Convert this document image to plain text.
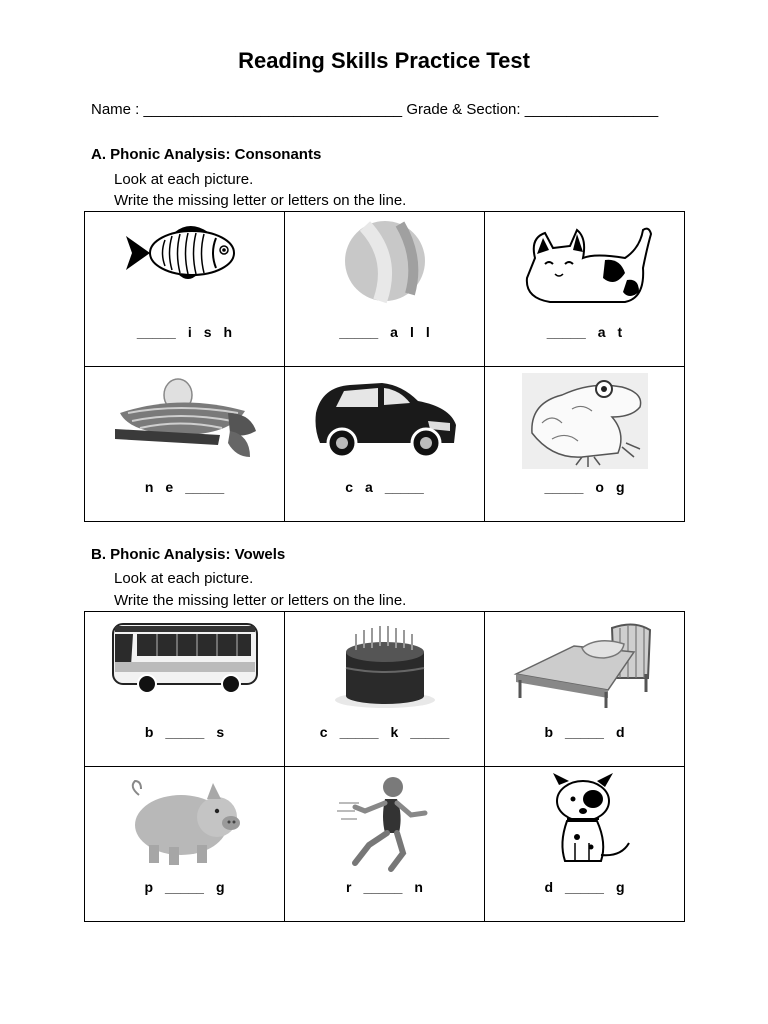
Reading Skills Practice Test
Name : _______________________________ Grade & Section: ________________
A. Phonic Analysis: Consonants
Look at each picture.
Write the missing letter or letters on the line.
_____ i s h	_____ a l l	_____ a t

n e _____	c a _____	_____ o g
B. Phonic Analysis: Vowels
Look at each picture.
Write the missing letter or letters on the line.
b _____ s	c _____ k _____	b _____ d

p _____ g	r _____ n	d _____ g
